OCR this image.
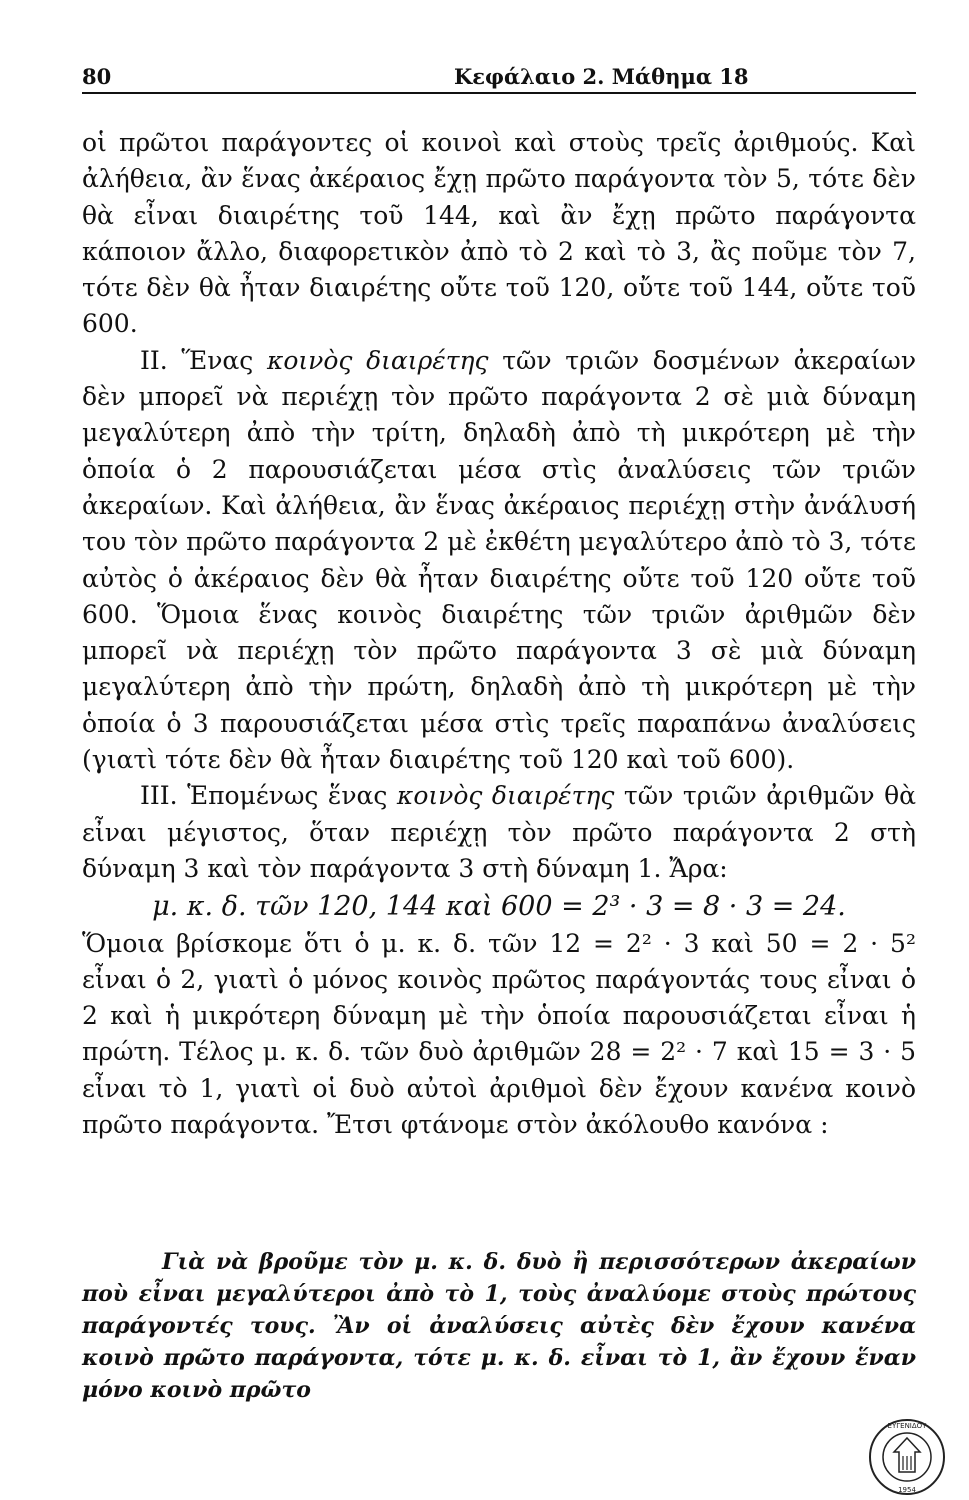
80	Κεφάλαιο 2. Μάθημα 18

οἱ πρῶτοι παράγοντες οἱ κοινοὶ καὶ στοὺς τρεῖς ἀριθμούς. Καὶ ἀλήθεια, ἂν ἕνας ἀκέραιος ἔχῃ πρῶτο παράγοντα τὸν 5, τότε δὲν θὰ εἶναι διαιρέτης τοῦ 144, καὶ ἂν ἔχῃ πρῶτο παράγοντα κάποιον ἄλλο, διαφορετικὸν ἀπὸ τὸ 2 καὶ τὸ 3, ἂς ποῦμε τὸν 7, τότε δὲν θὰ ἦταν διαιρέτης οὔτε τοῦ 120, οὔτε τοῦ 144, οὔτε τοῦ 600.

II. Ἕνας κοινὸς διαιρέτης τῶν τριῶν δοσμένων ἀκεραίων δὲν μπορεῖ νὰ περιέχῃ τὸν πρῶτο παράγοντα 2 σὲ μιὰ δύναμη μεγαλύτερη ἀπὸ τὴν τρίτη, δηλαδὴ ἀπὸ τὴ μικρότερη μὲ τὴν ὁποία ὁ 2 παρουσιάζεται μέσα στὶς ἀναλύσεις τῶν τριῶν ἀκεραίων. Καὶ ἀλήθεια, ἂν ἕνας ἀκέραιος περιέχῃ στὴν ἀνάλυσή του τὸν πρῶτο παράγοντα 2 μὲ ἐκθέτη μεγαλύτερο ἀπὸ τὸ 3, τότε αὐτὸς ὁ ἀκέραιος δὲν θὰ ἦταν διαιρέτης οὔτε τοῦ 120 οὔτε τοῦ 600. Ὅμοια ἕνας κοινὸς διαιρέτης τῶν τριῶν ἀριθμῶν δὲν μπορεῖ νὰ περιέχῃ τὸν πρῶτο παράγοντα 3 σὲ μιὰ δύναμη μεγαλύτερη ἀπὸ τὴν πρώτη, δηλαδὴ ἀπὸ τὴ μικρότερη μὲ τὴν ὁποία ὁ 3 παρουσιάζεται μέσα στὶς τρεῖς παραπάνω ἀναλύσεις (γιατὶ τότε δὲν θὰ ἦταν διαιρέτης τοῦ 120 καὶ τοῦ 600).

III. Ἑπομένως ἕνας κοινὸς διαιρέτης τῶν τριῶν ἀριθμῶν θὰ εἶναι μέγιστος, ὅταν περιέχῃ τὸν πρῶτο παράγοντα 2 στὴ δύναμη 3 καὶ τὸν παράγοντα 3 στὴ δύναμη 1. Ἄρα:

μ. κ. δ. τῶν 120, 144 καὶ 600 = 2³ · 3 = 8 · 3 = 24.

Ὅμοια βρίσκομε ὅτι ὁ μ. κ. δ. τῶν 12 = 2² · 3 καὶ 50 = 2 · 5² εἶναι ὁ 2, γιατὶ ὁ μόνος κοινὸς πρῶτος παράγοντάς τους εἶναι ὁ 2 καὶ ἡ μικρότερη δύναμη μὲ τὴν ὁποία παρουσιάζεται εἶναι ἡ πρώτη. Τέλος μ. κ. δ. τῶν δυὸ ἀριθμῶν 28 = 2² · 7 καὶ 15 = 3 · 5 εἶναι τὸ 1, γιατὶ οἱ δυὸ αὐτοὶ ἀριθμοὶ δὲν ἔχουν κανένα κοινὸ πρῶτο παράγοντα. Ἔτσι φτάνομε στὸν ἀκόλουθο κανόνα :

Γιὰ νὰ βροῦμε τὸν μ. κ. δ. δυὸ ἢ περισσότερων ἀκεραίων ποὺ εἶναι μεγαλύτεροι ἀπὸ τὸ 1, τοὺς ἀναλύομε στοὺς πρώτους παράγοντές τους. Ἂν οἱ ἀναλύσεις αὐτὲς δὲν ἔχουν κανένα κοινὸ πρῶτο παράγοντα, τότε μ. κ. δ. εἶναι τὸ 1, ἂν ἔχουν ἕναν μόνο κοινὸ πρῶτο

ΕΥΓΕΝΙΔΟΥ
1954
